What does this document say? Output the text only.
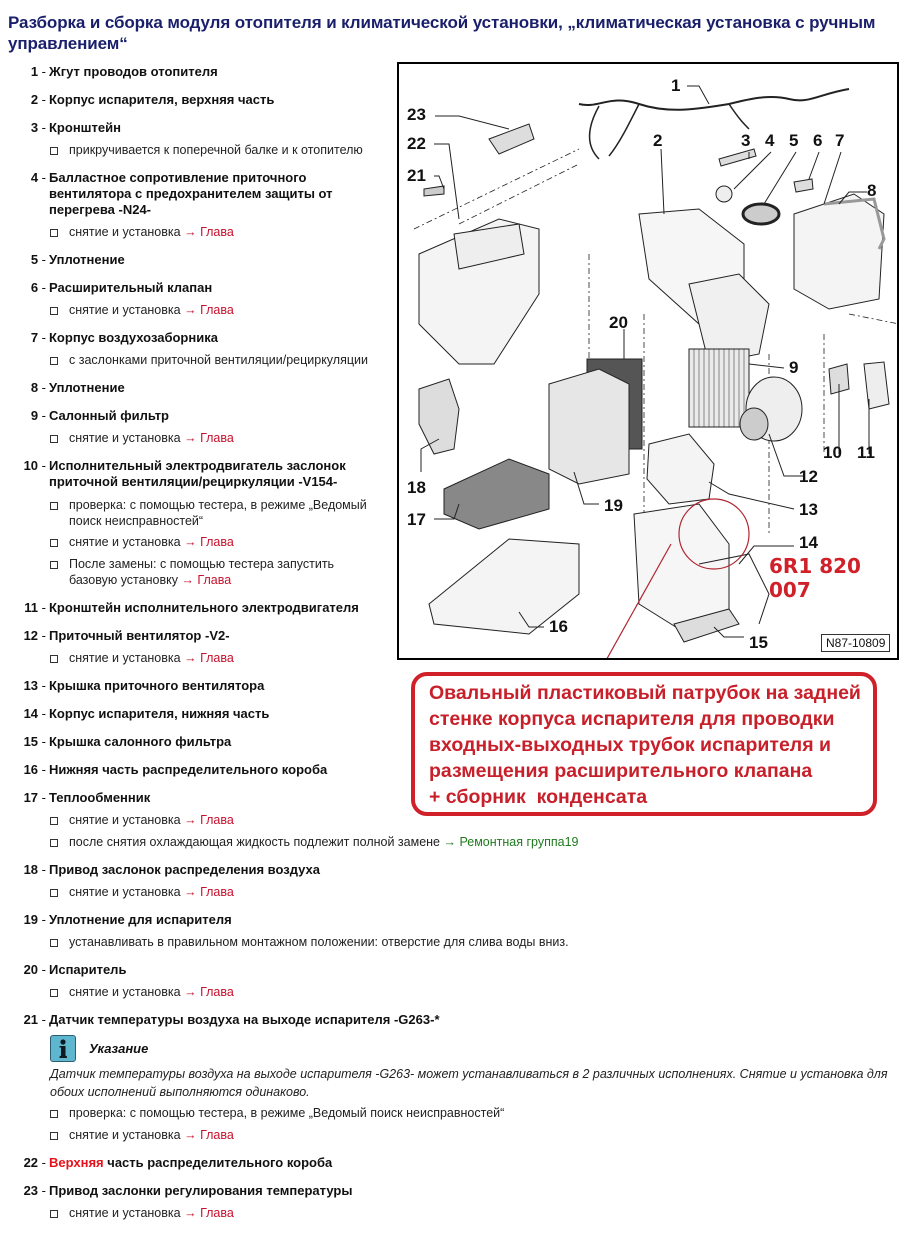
Разборка и сборка модуля отопителя и климатической установки, „климатическая установка с ручным управлением“
1 - Жгут проводов отопителя
2 - Корпус испарителя, верхняя часть
3 - Кронштейн
прикручивается к поперечной балке и к отопителю
4 - Балластное сопротивление приточного вентилятора с предохранителем защиты от перегрева -N24-
снятие и установка → Глава
5 - Уплотнение
6 - Расширительный клапан
снятие и установка → Глава
7 - Корпус воздухозаборника
с заслонками приточной вентиляции/рециркуляции
8 - Уплотнение
9 - Салонный фильтр
снятие и установка → Глава
10 - Исполнительный электродвигатель заслонок приточной вентиляции/рециркуляции -V154-
проверка: с помощью тестера, в режиме „Ведомый поиск неисправностей“
снятие и установка → Глава
После замены: с помощью тестера запустить базовую установку → Глава
11 - Кронштейн исполнительного электродвигателя
12 - Приточный вентилятор -V2-
снятие и установка → Глава
13 - Крышка приточного вентилятора
14 - Корпус испарителя, нижняя часть
15 - Крышка салонного фильтра
16 - Нижняя часть распределительного короба
17 - Теплообменник
снятие и установка → Глава
после снятия охлаждающая жидкость подлежит полной замене → Ремонтная группа19
18 - Привод заслонок распределения воздуха
снятие и установка → Глава
19 - Уплотнение для испарителя
устанавливать в правильном монтажном положении: отверстие для слива воды вниз.
20 - Испаритель
снятие и установка → Глава
21 - Датчик температуры воздуха на выходе испарителя -G263-*
Указание
Датчик температуры воздуха на выходе испарителя -G263- может устанавливаться в 2 различных исполнениях. Снятие и установка для обоих исполнений выполняются одинаково.
проверка: с помощью тестера, в режиме „Ведомый поиск неисправностей“
снятие и установка → Глава
22 - Верхняя часть распределительного короба
23 - Привод заслонки регулирования температуры
снятие и установка → Глава
1
2	3 4 5 6 7
8
9
10 11
12
13
14
15
16
17
18
19
20
21
22
23
6R1 820 007
N87-10809
Овальный пластиковый патрубок на задней
стенке корпуса испарителя для проводки
входных-выходных трубок испарителя и
размещения расширительного клапана
+ сборник  конденсата
